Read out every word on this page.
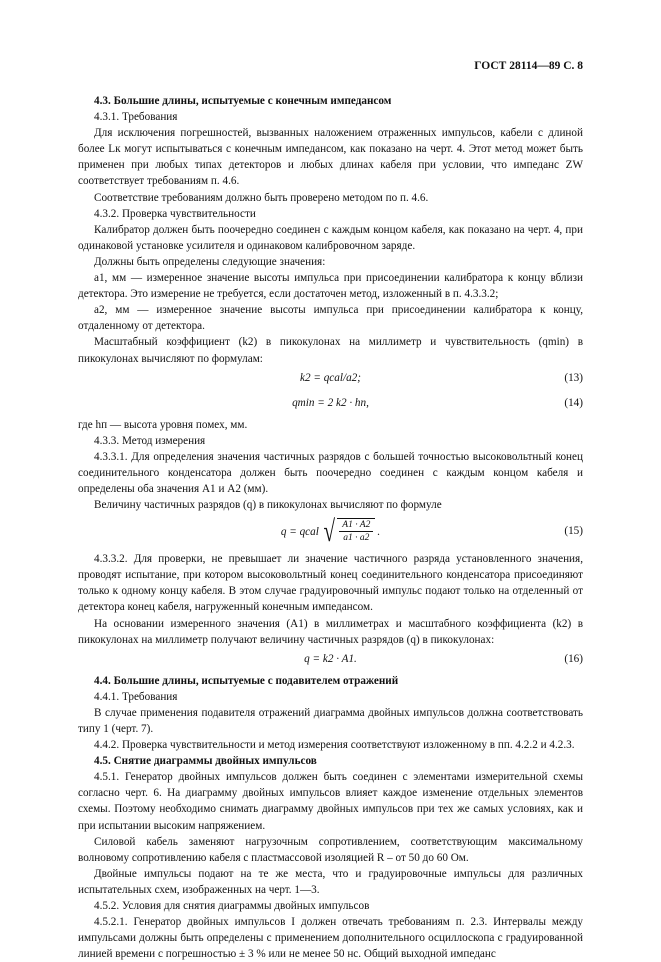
ГОСТ 28114—89 С. 8

4.3. Большие длины, испытуемые с конечным импедансом

4.3.1. Требования

Для исключения погрешностей, вызванных наложением отраженных импульсов, кабели с длиной более Lк могут испытываться с конечным импедансом, как показано на черт. 4. Этот метод может быть применен при любых типах детекторов и любых длинах кабеля при условии, что импеданс ZW соответствует требованиям п. 4.6.

Соответствие требованиям должно быть проверено методом по п. 4.6.

4.3.2. Проверка чувствительности

Калибратор должен быть поочередно соединен с каждым концом кабеля, как показано на черт. 4, при одинаковой установке усилителя и одинаковом калибровочном заряде.

Должны быть определены следующие значения:

a1, мм — измеренное значение высоты импульса при присоединении калибратора к концу вблизи детектора. Это измерение не требуется, если достаточен метод, изложенный в п. 4.3.3.2;

a2, мм — измеренное значение высоты импульса при присоединении калибратора к концу, отдаленному от детектора.

Масштабный коэффициент (k2) в пикокулонах на миллиметр и чувствительность (qmin) в пикокулонах вычисляют по формулам:

k2 = qcal/a2;	(13)
qmin = 2 k2 · hп,	(14)

где hп — высота уровня помех, мм.

4.3.3. Метод измерения

4.3.3.1. Для определения значения частичных разрядов с большей точностью высоковольтный конец соединительного конденсатора должен быть поочередно соединен с каждым концом кабеля и определены оба значения A1 и A2 (мм).

Величину частичных разрядов (q) в пикокулонах вычисляют по формуле

q = qcal √ $\frac{A1 \cdot A2}{a1 \cdot a2}$ .	(15)

4.3.3.2. Для проверки, не превышает ли значение частичного разряда установленного значения, проводят испытание, при котором высоковольтный конец соединительного конденсатора присоединяют только к одному концу кабеля. В этом случае градуировочный импульс подают только на отделенный от детектора конец кабеля, нагруженный конечным импедансом.

На основании измеренного значения (A1) в миллиметрах и масштабного коэффициента (k2) в пикокулонах на миллиметр получают величину частичных разрядов (q) в пикокулонах:

q = k2 · A1.	(16)

4.4. Большие длины, испытуемые с подавителем отражений

4.4.1. Требования

В случае применения подавителя отражений диаграмма двойных импульсов должна соответствовать типу 1 (черт. 7).

4.4.2. Проверка чувствительности и метод измерения соответствуют изложенному в пп. 4.2.2 и 4.2.3.

4.5. Снятие диаграммы двойных импульсов

4.5.1. Генератор двойных импульсов должен быть соединен с элементами измерительной схемы согласно черт. 6. На диаграмму двойных импульсов влияет каждое изменение отдельных элементов схемы. Поэтому необходимо снимать диаграмму двойных импульсов при тех же самых условиях, как и при испытании высоким напряжением.

Силовой кабель заменяют нагрузочным сопротивлением, соответствующим максимальному волновому сопротивлению кабеля с пластмассовой изоляцией R – от 50 до 60 Ом.

Двойные импульсы подают на те же места, что и градуировочные импульсы для различных испытательных схем, изображенных на черт. 1—3.

4.5.2. Условия для снятия диаграммы двойных импульсов

4.5.2.1. Генератор двойных импульсов I должен отвечать требованиям п. 2.3. Интервалы между импульсами должны быть определены с применением дополнительного осциллоскопа с градуированной линией времени с погрешностью ± 3 % или не менее 50 нс. Общий выходной импеданс
